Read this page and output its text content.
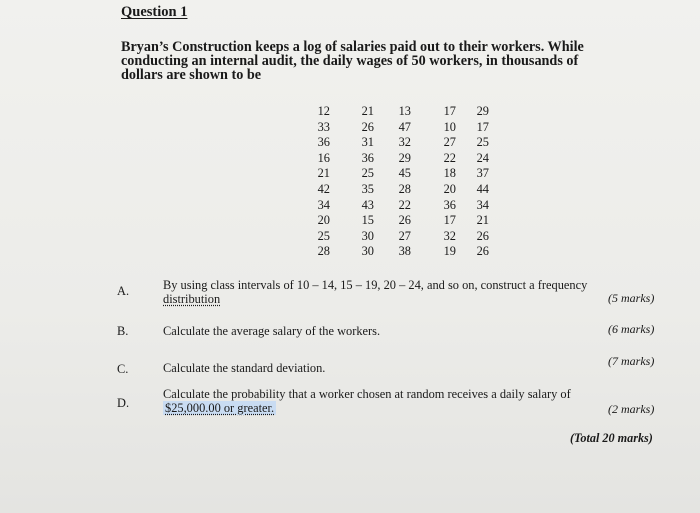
Question 1
Bryan’s Construction keeps a log of salaries paid out to their workers. While
conducting an internal audit, the daily wages of 50 workers, in thousands of
dollars are shown to be
12	21	13	17	29
33	26	47	10	17
36	31	32	27	25
16	36	29	22	24
21	25	45	18	37
42	35	28	20	44
34	43	22	36	34
20	15	26	17	21
25	30	27	32	26
28	30	38	19	26
A.	By using class intervals of 10 – 14, 15 – 19, 20 – 24, and so on, construct a frequency
distribution	(5 marks)
B.	Calculate the average salary of the workers.	(6 marks)
C.	Calculate the standard deviation.	(7 marks)
D.
Calculate the probability that a worker chosen at random receives a daily salary of
$25,000.00 or greater.	(2 marks)
(Total 20 marks)
